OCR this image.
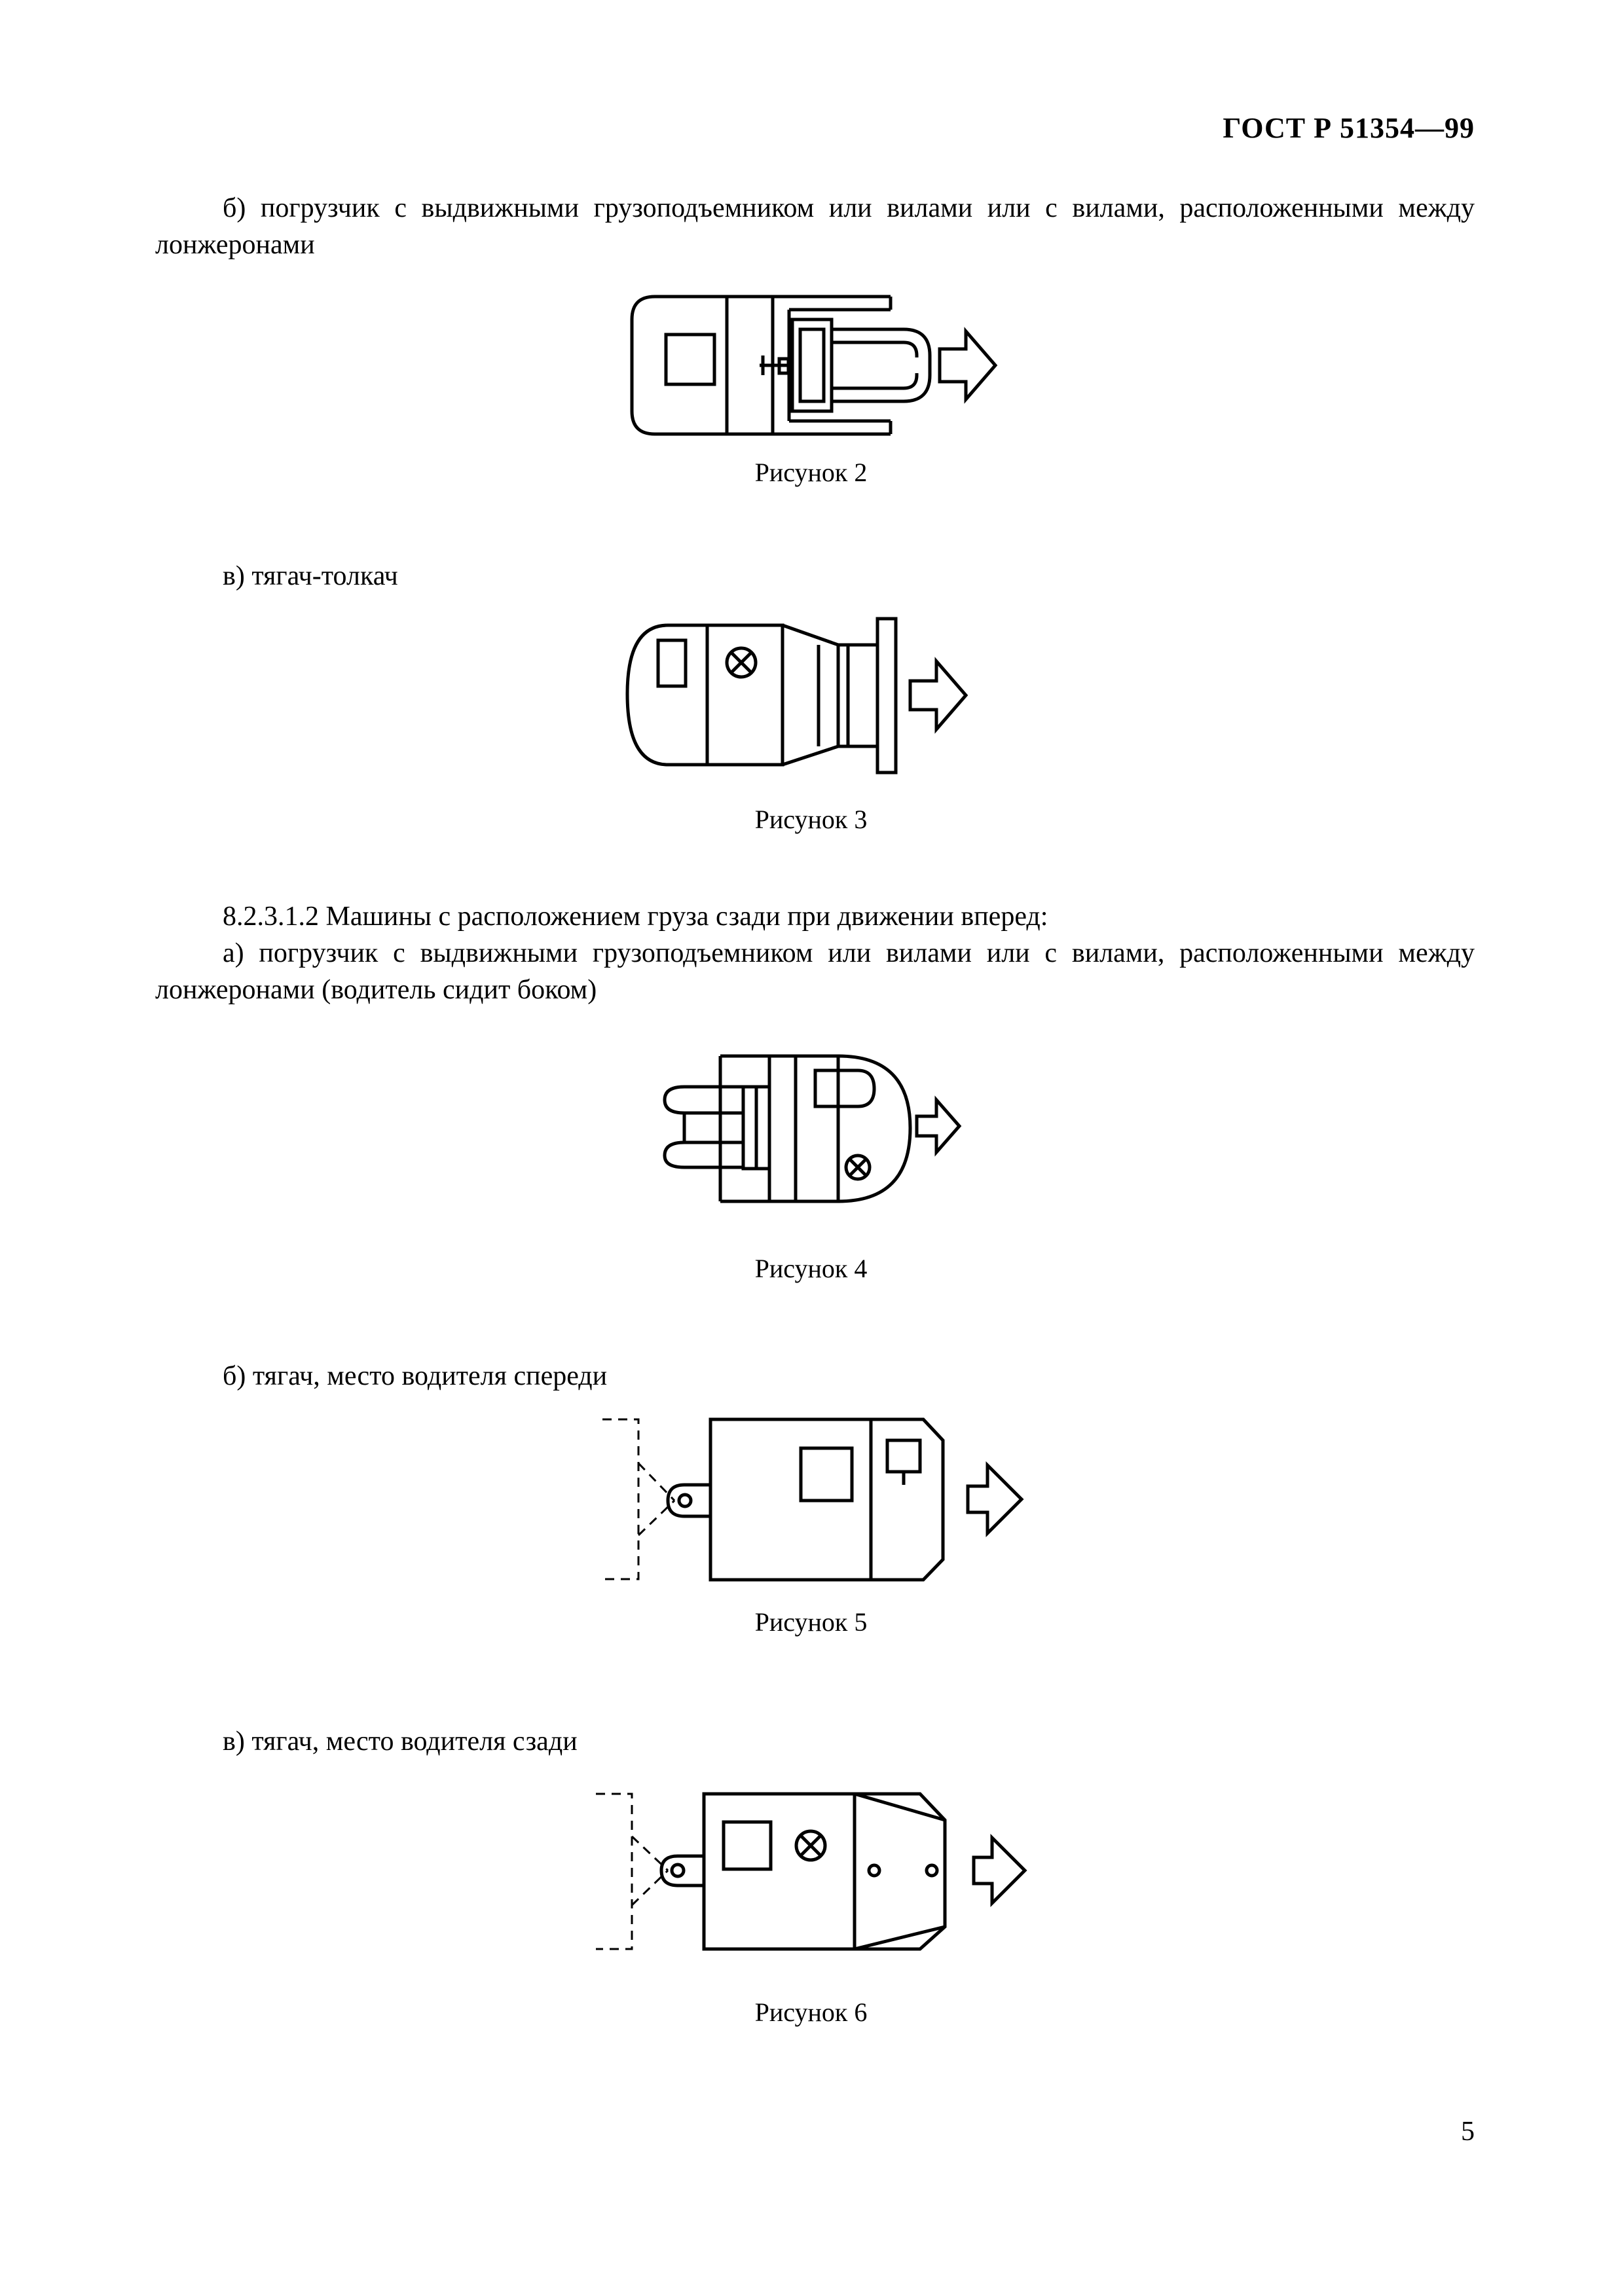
ГОСТ Р 51354—99
б) погрузчик с выдвижными грузоподъемником или вилами или с вилами, расположенными между лонжеронами
Рисунок 2
в) тягач-толкач
Рисунок 3
8.2.3.1.2 Машины с расположением груза сзади при движении вперед:
а) погрузчик с выдвижными грузоподъемником или вилами или с вилами, расположенными между лонжеронами (водитель сидит боком)
Рисунок 4
б) тягач, место водителя спереди
Рисунок 5
в) тягач, место водителя сзади
Рисунок 6
5
